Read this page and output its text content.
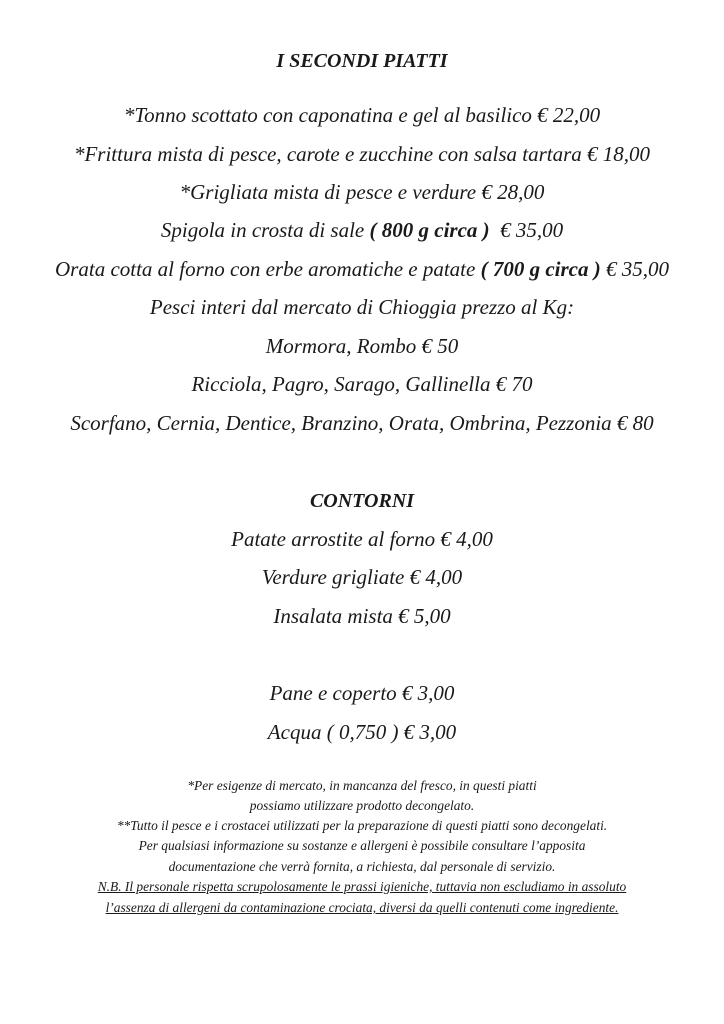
I SECONDI PIATTI
*Tonno scottato con caponatina e gel al basilico € 22,00
*Frittura mista di pesce, carote e zucchine con salsa tartara € 18,00
*Grigliata mista di pesce e verdure € 28,00
Spigola in crosta di sale ( 800 g circa )  € 35,00
Orata cotta al forno con erbe aromatiche e patate ( 700 g circa ) € 35,00
Pesci interi dal mercato di Chioggia prezzo al Kg:
Mormora, Rombo € 50
Ricciola, Pagro, Sarago, Gallinella € 70
Scorfano, Cernia, Dentice, Branzino, Orata, Ombrina, Pezzonia € 80
CONTORNI
Patate arrostite al forno € 4,00
Verdure grigliate € 4,00
Insalata mista € 5,00
Pane e coperto € 3,00
Acqua ( 0,750 ) € 3,00
*Per esigenze di mercato, in mancanza del fresco, in questi piatti
possiamo utilizzare prodotto decongelato.
**Tutto il pesce e i crostacei utilizzati per la preparazione di questi piatti sono decongelati.
Per qualsiasi informazione su sostanze e allergeni è possibile consultare l’apposita
documentazione che verrà fornita, a richiesta, dal personale di servizio.
N.B. Il personale rispetta scrupolosamente le prassi igieniche, tuttavia non escludiamo in assoluto
l’assenza di allergeni da contaminazione crociata, diversi da quelli contenuti come ingrediente.
